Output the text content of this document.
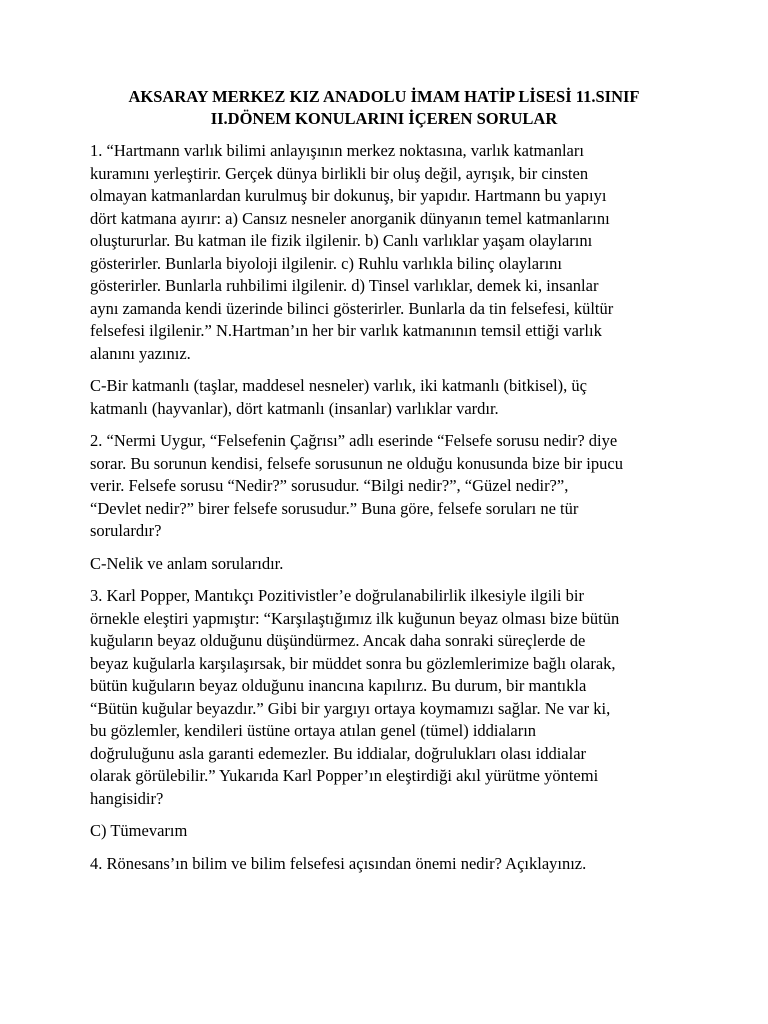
AKSARAY MERKEZ KIZ ANADOLU İMAM HATİP LİSESİ 11.SINIF
II.DÖNEM KONULARINI İÇEREN SORULAR

1. “Hartmann varlık bilimi anlayışının merkez noktasına, varlık katmanları
kuramını yerleştirir. Gerçek dünya birlikli bir oluş değil, ayrışık, bir cinsten
olmayan katmanlardan kurulmuş bir dokunuş, bir yapıdır. Hartmann bu yapıyı
dört katmana ayırır: a) Cansız nesneler anorganik dünyanın temel katmanlarını
oluştururlar. Bu katman ile fizik ilgilenir. b) Canlı varlıklar yaşam olaylarını
gösterirler. Bunlarla biyoloji ilgilenir. c) Ruhlu varlıkla bilinç olaylarını
gösterirler. Bunlarla ruhbilimi ilgilenir. d) Tinsel varlıklar, demek ki, insanlar
aynı zamanda kendi üzerinde bilinci gösterirler. Bunlarla da tin felsefesi, kültür
felsefesi ilgilenir.” N.Hartman’ın her bir varlık katmanının temsil ettiği varlık
alanını yazınız.

C-Bir katmanlı (taşlar, maddesel nesneler) varlık, iki katmanlı (bitkisel), üç
katmanlı (hayvanlar), dört katmanlı (insanlar) varlıklar vardır.

2. “Nermi Uygur, “Felsefenin Çağrısı” adlı eserinde “Felsefe sorusu nedir? diye
sorar. Bu sorunun kendisi, felsefe sorusunun ne olduğu konusunda bize bir ipucu
verir. Felsefe sorusu “Nedir?” sorusudur. “Bilgi nedir?”, “Güzel nedir?”,
“Devlet nedir?” birer felsefe sorusudur.” Buna göre, felsefe soruları ne tür
sorulardır?

C-Nelik ve anlam sorularıdır.

3. Karl Popper, Mantıkçı Pozitivistler’e doğrulanabilirlik ilkesiyle ilgili bir
örnekle eleştiri yapmıştır: “Karşılaştığımız ilk kuğunun beyaz olması bize bütün
kuğuların beyaz olduğunu düşündürmez. Ancak daha sonraki süreçlerde de
beyaz kuğularla karşılaşırsak, bir müddet sonra bu gözlemlerimize bağlı olarak,
bütün kuğuların beyaz olduğunu inancına kapılırız. Bu durum, bir mantıkla
“Bütün kuğular beyazdır.” Gibi bir yargıyı ortaya koymamızı sağlar. Ne var ki,
bu gözlemler, kendileri üstüne ortaya atılan genel (tümel) iddiaların
doğruluğunu asla garanti edemezler. Bu iddialar, doğrulukları olası iddialar
olarak görülebilir.” Yukarıda Karl Popper’ın eleştirdiği akıl yürütme yöntemi
hangisidir?

C) Tümevarım

4. Rönesans’ın bilim ve bilim felsefesi açısından önemi nedir? Açıklayınız.
